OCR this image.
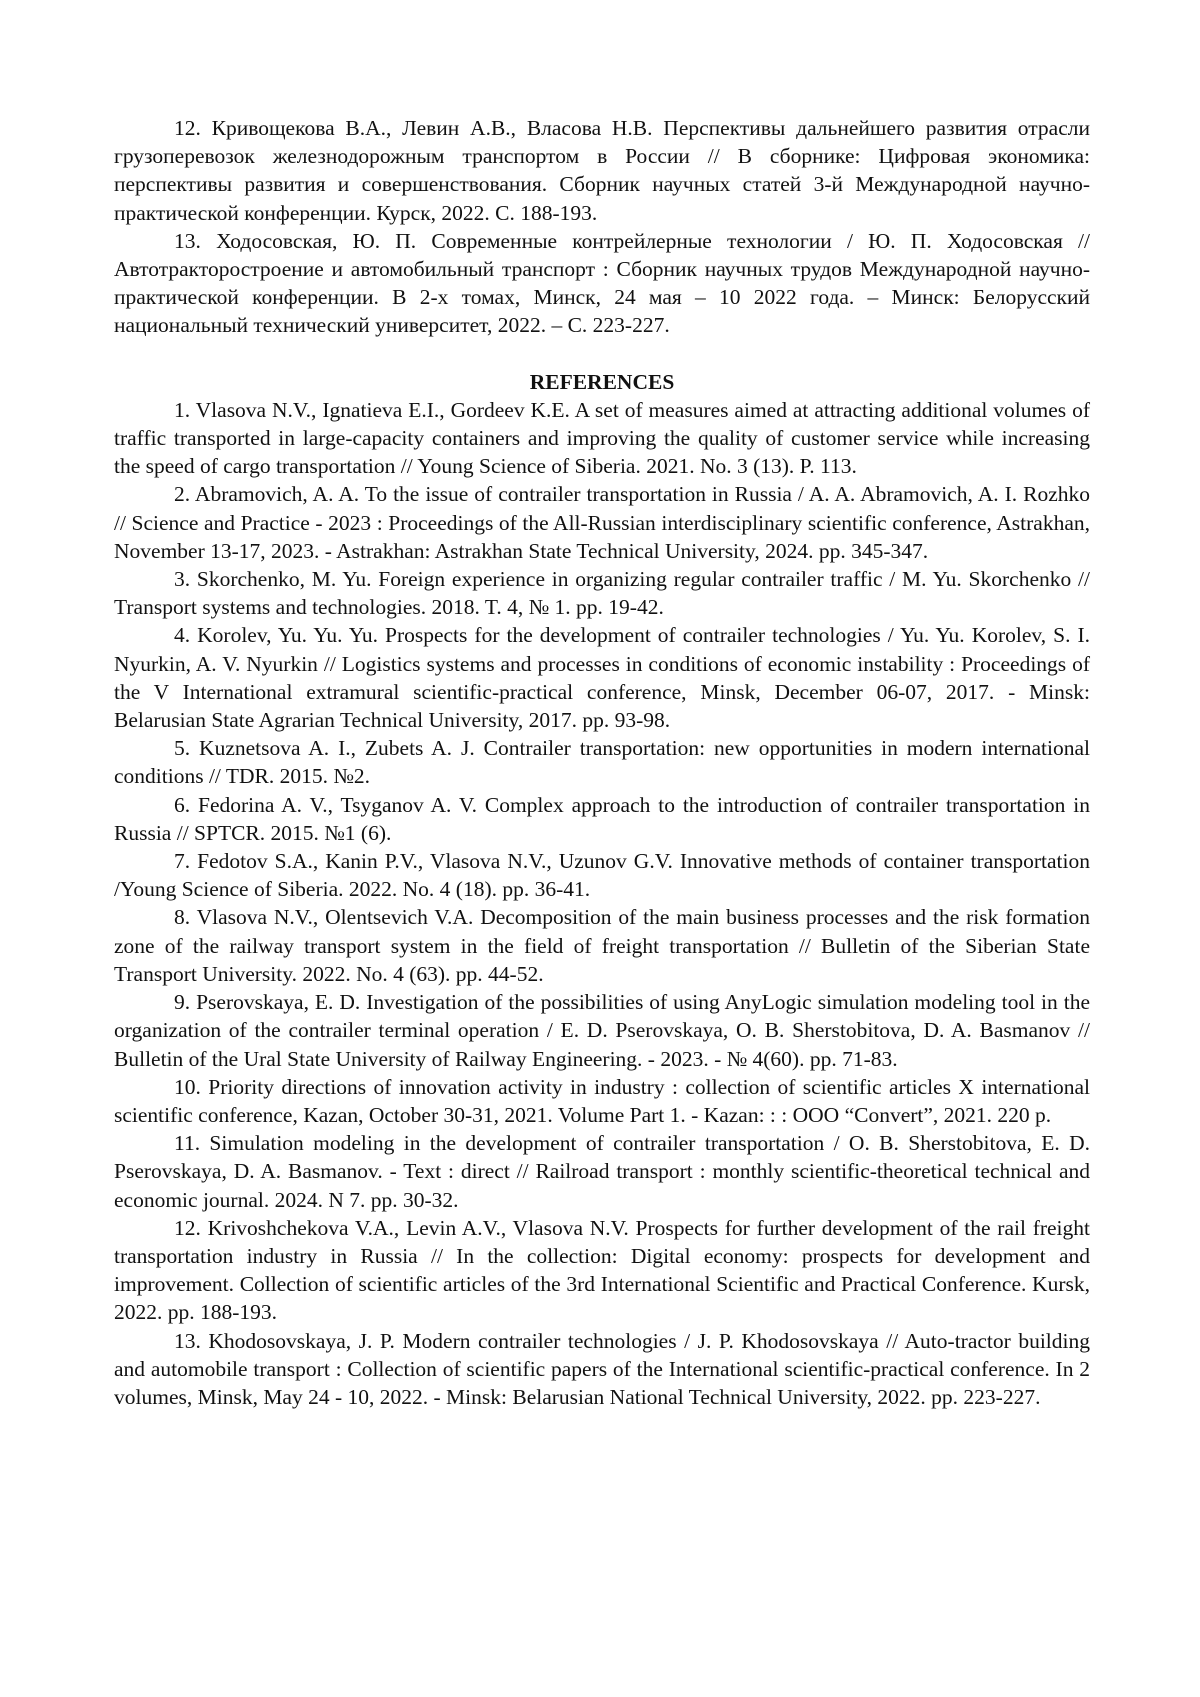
12. Кривощекова В.А., Левин А.В., Власова Н.В. Перспективы дальнейшего развития отрасли грузоперевозок железнодорожным транспортом в России // В сборнике: Цифровая экономика: перспективы развития и совершенствования. Сборник научных статей 3-й Международной научно-практической конференции. Курск, 2022. С. 188-193.

13. Ходосовская, Ю. П. Современные контрейлерные технологии / Ю. П. Ходосовская // Автотракторостроение и автомобильный транспорт : Сборник научных трудов Международной научно-практической конференции. В 2-х томах, Минск, 24 мая – 10 2022 года. – Минск: Белорусский национальный технический университет, 2022. – С. 223-227.

REFERENCES

1. Vlasova N.V., Ignatieva E.I., Gordeev K.E. A set of measures aimed at attracting additional volumes of traffic transported in large-capacity containers and improving the quality of customer service while increasing the speed of cargo transportation // Young Science of Siberia. 2021. No. 3 (13). P. 113.

2. Abramovich, A. A. To the issue of contrailer transportation in Russia / A. A. Abramovich, A. I. Rozhko // Science and Practice - 2023 : Proceedings of the All-Russian interdisciplinary scientific conference, Astrakhan, November 13-17, 2023. - Astrakhan: Astrakhan State Technical University, 2024. pp. 345-347.

3. Skorchenko, M. Yu. Foreign experience in organizing regular contrailer traffic / M. Yu. Skorchenko // Transport systems and technologies. 2018. T. 4, № 1. pp. 19-42.

4. Korolev, Yu. Yu. Yu. Prospects for the development of contrailer technologies / Yu. Yu. Korolev, S. I. Nyurkin, A. V. Nyurkin // Logistics systems and processes in conditions of economic instability : Proceedings of the V International extramural scientific-practical conference, Minsk, December 06-07, 2017. - Minsk: Belarusian State Agrarian Technical University, 2017. pp. 93-98.

5. Kuznetsova A. I., Zubets A. J. Contrailer transportation: new opportunities in modern international conditions // TDR. 2015. №2.

6. Fedorina A. V., Tsyganov A. V. Complex approach to the introduction of contrailer transportation in Russia // SPTCR. 2015. №1 (6).

7. Fedotov S.A., Kanin P.V., Vlasova N.V., Uzunov G.V. Innovative methods of container transportation /Young Science of Siberia. 2022. No. 4 (18). pp. 36-41.

8. Vlasova N.V., Olentsevich V.A. Decomposition of the main business processes and the risk formation zone of the railway transport system in the field of freight transportation // Bulletin of the Siberian State Transport University. 2022. No. 4 (63). pp. 44-52.

9. Pserovskaya, E. D. Investigation of the possibilities of using AnyLogic simulation modeling tool in the organization of the contrailer terminal operation / E. D. Pserovskaya, O. B. Sherstobitova, D. A. Basmanov // Bulletin of the Ural State University of Railway Engineering. - 2023. - № 4(60). pp. 71-83.

10. Priority directions of innovation activity in industry : collection of scientific articles X international scientific conference, Kazan, October 30-31, 2021. Volume Part 1. - Kazan: : : OOO “Convert”, 2021. 220 p.

11. Simulation modeling in the development of contrailer transportation / O. B. Sherstobitova, E. D. Pserovskaya, D. A. Basmanov. - Text : direct // Railroad transport : monthly scientific-theoretical technical and economic journal. 2024. N 7. pp. 30-32.

12. Krivoshchekova V.A., Levin A.V., Vlasova N.V. Prospects for further development of the rail freight transportation industry in Russia // In the collection: Digital economy: prospects for development and improvement. Collection of scientific articles of the 3rd International Scientific and Practical Conference. Kursk, 2022. pp. 188-193.

13. Khodosovskaya, J. P. Modern contrailer technologies / J. P. Khodosovskaya // Auto-tractor building and automobile transport : Collection of scientific papers of the International scientific-practical conference. In 2 volumes, Minsk, May 24 - 10, 2022. - Minsk: Belarusian National Technical University, 2022. pp. 223-227.
